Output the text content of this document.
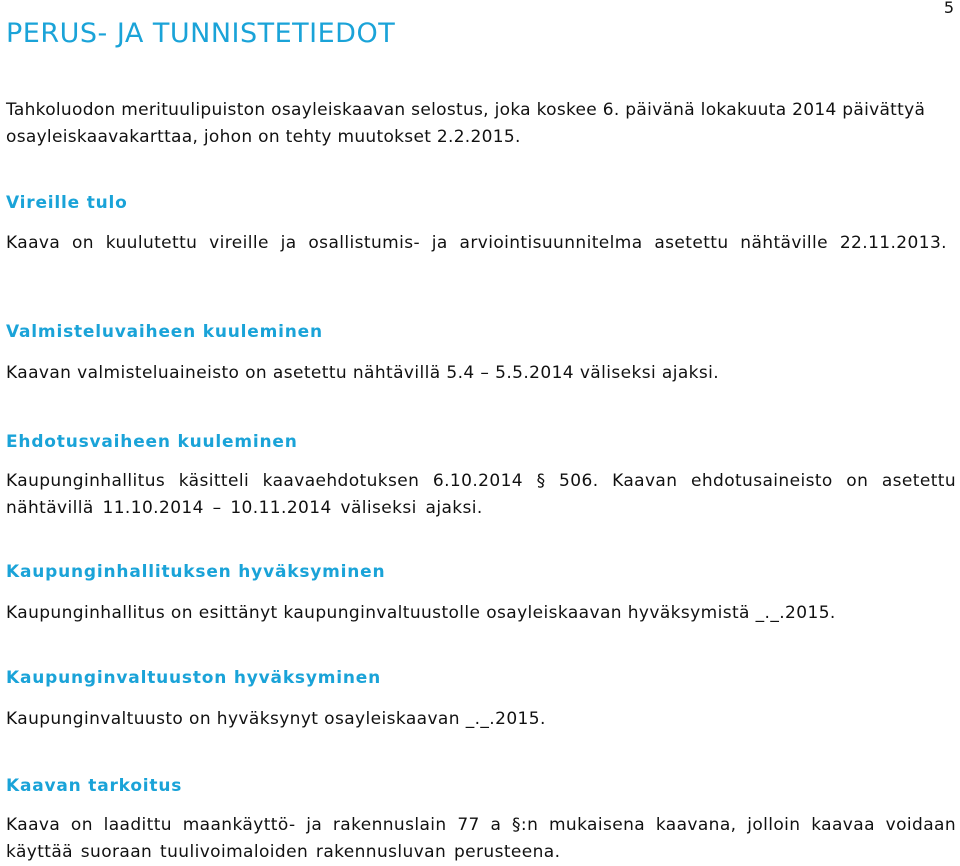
5
PERUS- JA TUNNISTETIEDOT

Tahkoluodon merituulipuiston osayleiskaavan selostus, joka koskee 6. päivänä lokakuuta 2014 päivättyä osayleiskaavakarttaa, johon on tehty muutokset 2.2.2015.

Vireille tulo

Kaava on kuulutettu vireille ja osallistumis- ja arviointisuunnitelma asetettu nähtäville 22.11.2013.

Valmisteluvaiheen kuuleminen

Kaavan valmisteluaineisto on asetettu nähtävillä 5.4 – 5.5.2014 väliseksi ajaksi.

Ehdotusvaiheen kuuleminen

Kaupunginhallitus käsitteli kaavaehdotuksen 6.10.2014 § 506. Kaavan ehdotusaineisto on asetettu nähtävillä 11.10.2014 – 10.11.2014 väliseksi ajaksi.

Kaupunginhallituksen hyväksyminen

Kaupunginhallitus on esittänyt kaupunginvaltuustolle osayleiskaavan hyväksymistä _._.2015.

Kaupunginvaltuuston hyväksyminen

Kaupunginvaltuusto on hyväksynyt osayleiskaavan _._.2015.

Kaavan tarkoitus

Kaava on laadittu maankäyttö- ja rakennuslain 77 a §:n mukaisena kaavana, jolloin kaavaa voidaan käyttää suoraan tuulivoimaloiden rakennusluvan perusteena.
